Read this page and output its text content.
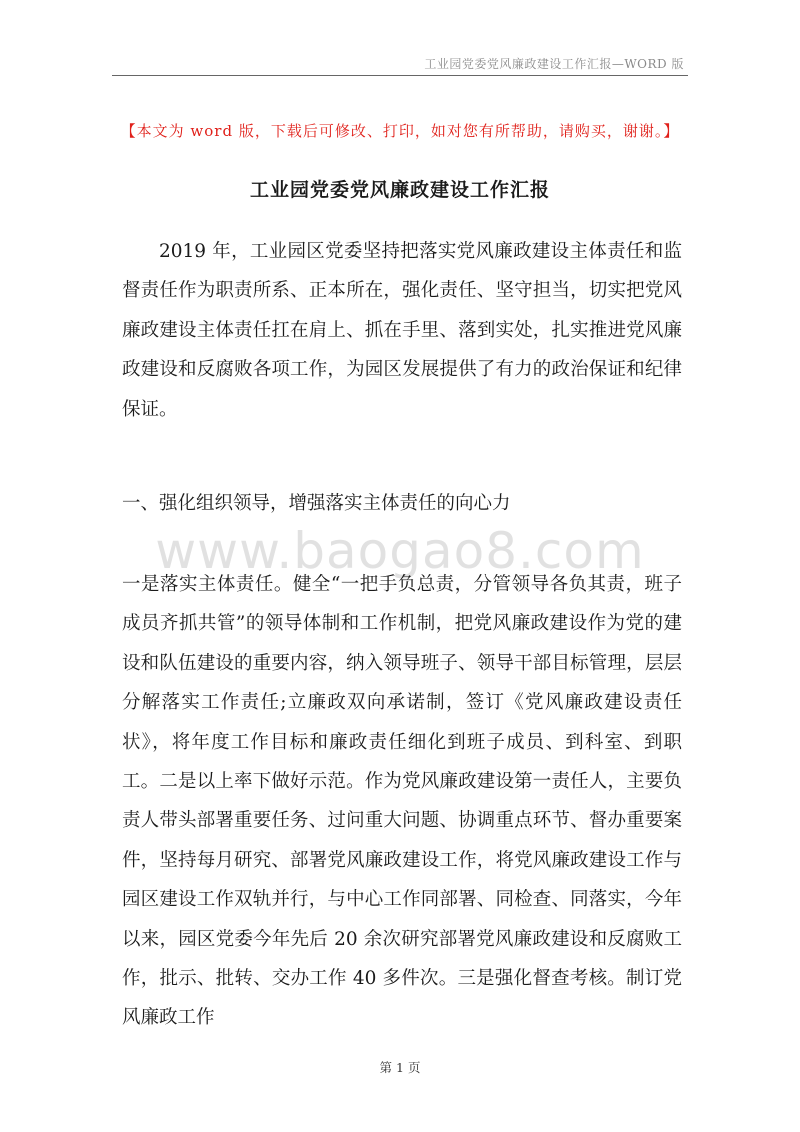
工业园党委党风廉政建设工作汇报—WORD 版
【本文为 word 版，下载后可修改、打印，如对您有所帮助，请购买，谢谢。】
工业园党委党风廉政建设工作汇报

2019 年，工业园区党委坚持把落实党风廉政建设主体责任和监督责任作为职责所系、正本所在，强化责任、坚守担当，切实把党风廉政建设主体责任扛在肩上、抓在手里、落到实处，扎实推进党风廉政建设和反腐败各项工作，为园区发展提供了有力的政治保证和纪律保证。

一、强化组织领导，增强落实主体责任的向心力
www.baogao8.com

一是落实主体责任。健全“一把手负总责，分管领导各负其责，班子成员齐抓共管”的领导体制和工作机制，把党风廉政建设作为党的建设和队伍建设的重要内容，纳入领导班子、领导干部目标管理，层层分解落实工作责任;立廉政双向承诺制，签订《党风廉政建设责任状》，将年度工作目标和廉政责任细化到班子成员、到科室、到职工。二是以上率下做好示范。作为党风廉政建设第一责任人，主要负责人带头部署重要任务、过问重大问题、协调重点环节、督办重要案件，坚持每月研究、部署党风廉政建设工作，将党风廉政建设工作与园区建设工作双轨并行，与中心工作同部署、同检查、同落实，今年以来，园区党委今年先后 20 余次研究部署党风廉政建设和反腐败工作，批示、批转、交办工作 40 多件次。三是强化督查考核。制订党风廉政工作

第 1 页
